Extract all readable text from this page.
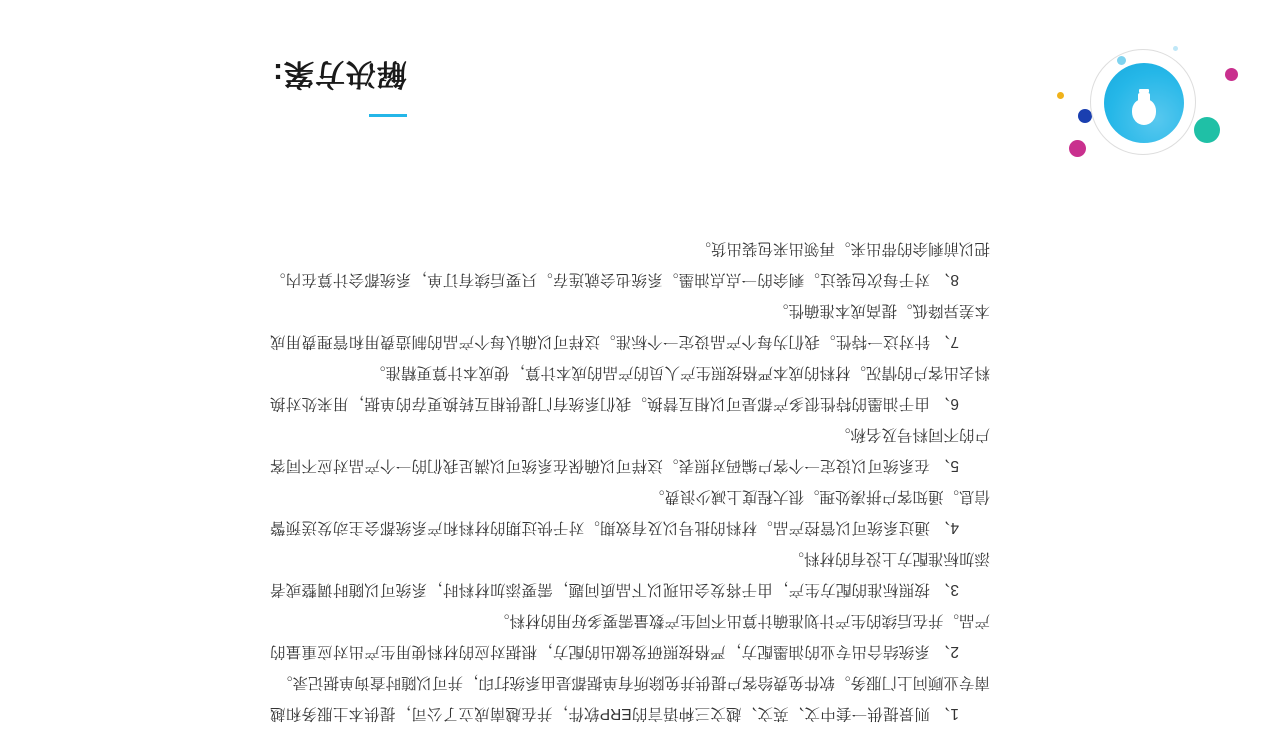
解决方案:

1、 则景提供一套中文、英文、越文三种语言的ERP软件，并在越南成立了公司，提供本土服务和越南专业顾问上门服务。软件免费给客户提供并免除所有单据都是由系统打印，并可以随时查询单据记录。

2、 系统结合出专业的油墨配方，严格按照研发做出的配方，根据对应的材料使用生产出对应重量的产品。并在后续的生产计划准确计算出不同生产数量需要多好用的材料。

3、 按照标准的配方生产，由于将发会出现以下品质问题，需要添加材料时，系统可以随时调整或者添加标准配方上没有的材料。

4、 通过系统可以管控产品。材料的批号以及有效期。对于快过期的材料和产系统都会主动发送预警信息。通知客户拼凑处理。很大程度上减少浪费。

5、 在系统可以设定一个客户编码对照表。这样可以确保在系统可以满足我们的一个产品对应不同客户的不同料号及名称。

6、 由于油墨的特性很多产都是可以相互替换。我们系统有门提供相互转换更存的单据，用来处对换料去出客户的情况。材料的成本严格按照生产人员的产品的成本计算，使成本计算更精准。

7、 针对这一特性。我们为每个产品设定一个标准。这样可以确认每个产品的制造费用和管理费用成本差异降低。提高成本准确性。

8、 对于每次包装过。剩余的一点点油墨。系统也会就连存。只要后续有订单，系统都会计算在内。把以前剩余的带出来。再领出来包装出货。
